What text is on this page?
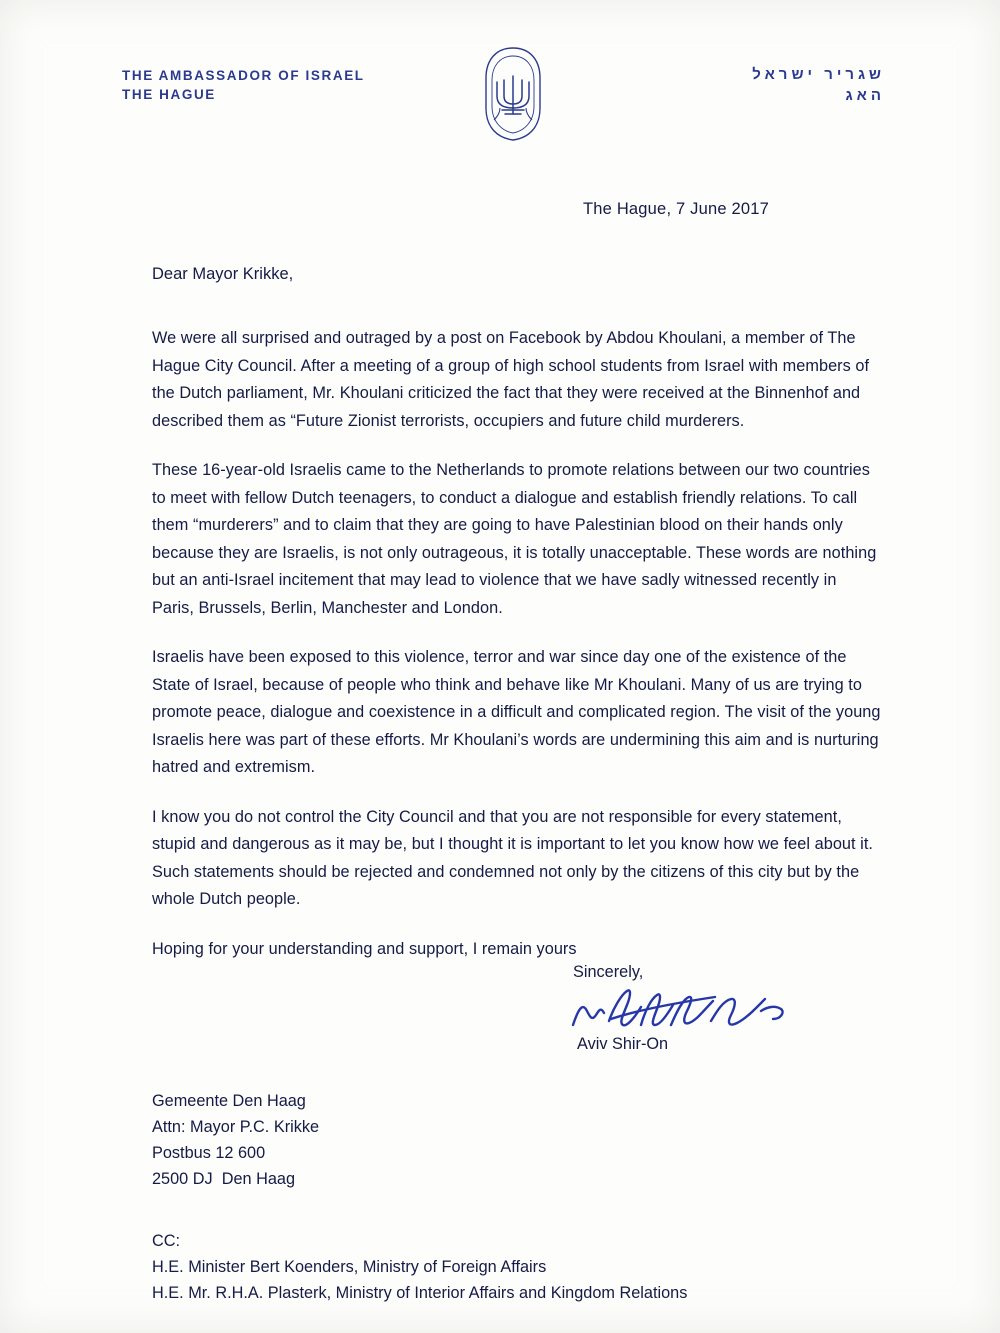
THE AMBASSADOR OF ISRAEL
THE HAGUE
שגריר ישראל
האג
The Hague, 7 June 2017
Dear Mayor Krikke,

We were all surprised and outraged by a post on Facebook by Abdou Khoulani, a member of The Hague City Council. After a meeting of a group of high school students from Israel with members of the Dutch parliament, Mr. Khoulani criticized the fact that they were received at the Binnenhof and described them as “Future Zionist terrorists, occupiers and future child murderers.

These 16-year-old Israelis came to the Netherlands to promote relations between our two countries to meet with fellow Dutch teenagers, to conduct a dialogue and establish friendly relations. To call them “murderers” and to claim that they are going to have Palestinian blood on their hands only because they are Israelis, is not only outrageous, it is totally unacceptable. These words are nothing but an anti-Israel incitement that may lead to violence that we have sadly witnessed recently in Paris, Brussels, Berlin, Manchester and London.

Israelis have been exposed to this violence, terror and war since day one of the existence of the State of Israel, because of people who think and behave like Mr Khoulani. Many of us are trying to promote peace, dialogue and coexistence in a difficult and complicated region. The visit of the young Israelis here was part of these efforts. Mr Khoulani’s words are undermining this aim and is nurturing hatred and extremism.

I know you do not control the City Council and that you are not responsible for every statement, stupid and dangerous as it may be, but I thought it is important to let you know how we feel about it. Such statements should be rejected and condemned not only by the citizens of this city but by the whole Dutch people.

Hoping for your understanding and support, I remain yours

Sincerely,
Aviv Shir-On
Gemeente Den Haag
Attn: Mayor P.C. Krikke
Postbus 12 600
2500 DJ  Den Haag
CC:
H.E. Minister Bert Koenders, Ministry of Foreign Affairs
H.E. Mr. R.H.A. Plasterk, Ministry of Interior Affairs and Kingdom Relations
